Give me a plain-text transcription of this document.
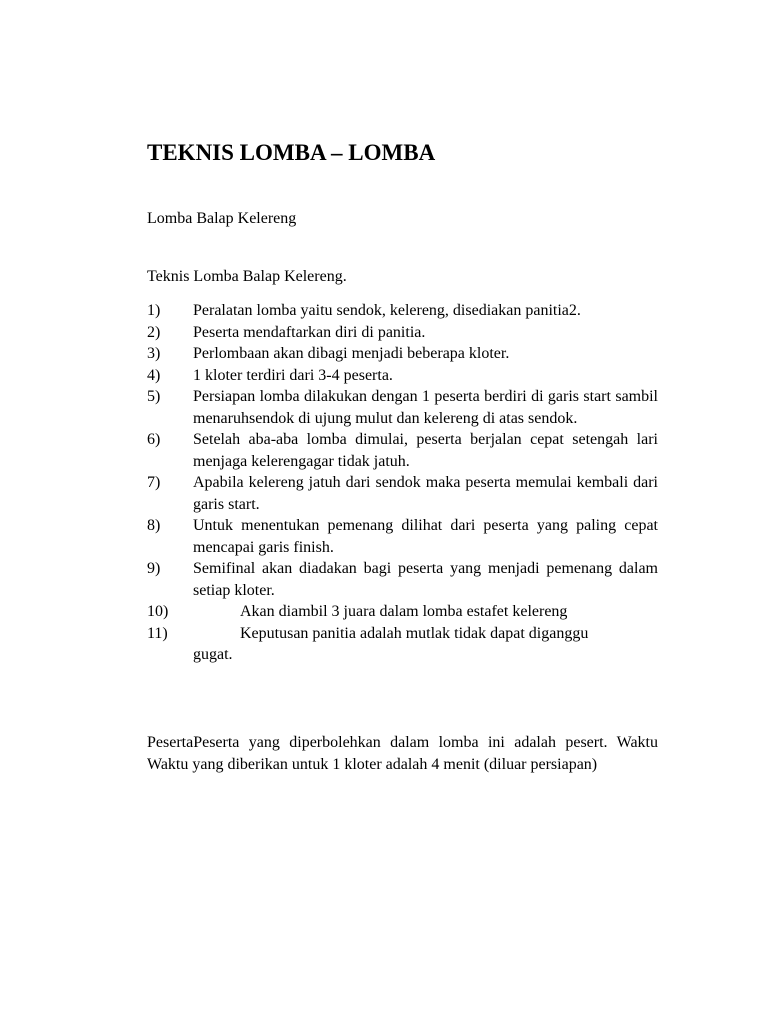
TEKNIS LOMBA – LOMBA

Lomba Balap Kelereng

Teknis Lomba Balap Kelereng.

1)	Peralatan lomba yaitu sendok, kelereng, disediakan panitia2.
2)	Peserta mendaftarkan diri di panitia.
3)	Perlombaan akan dibagi menjadi beberapa kloter.
4)	1 kloter terdiri dari 3-4 peserta.
5)	Persiapan lomba dilakukan dengan 1 peserta berdiri di garis start sambil menaruhsendok di ujung mulut dan kelereng di atas sendok.
6)	Setelah aba-aba lomba dimulai, peserta berjalan cepat setengah lari menjaga kelerengagar tidak jatuh.
7)	Apabila kelereng jatuh dari sendok maka peserta memulai kembali dari garis start.
8)	Untuk menentukan pemenang dilihat dari peserta yang paling cepat mencapai garis finish.
9)	Semifinal akan diadakan bagi peserta yang menjadi pemenang dalam setiap kloter.
10)	Akan diambil 3 juara dalam lomba estafet kelereng
11)	Keputusan panitia adalah mutlak tidak dapat diganggu
gugat.

PesertaPeserta yang diperbolehkan dalam lomba ini adalah pesert. Waktu Waktu yang diberikan untuk 1 kloter adalah 4 menit (diluar persiapan)
